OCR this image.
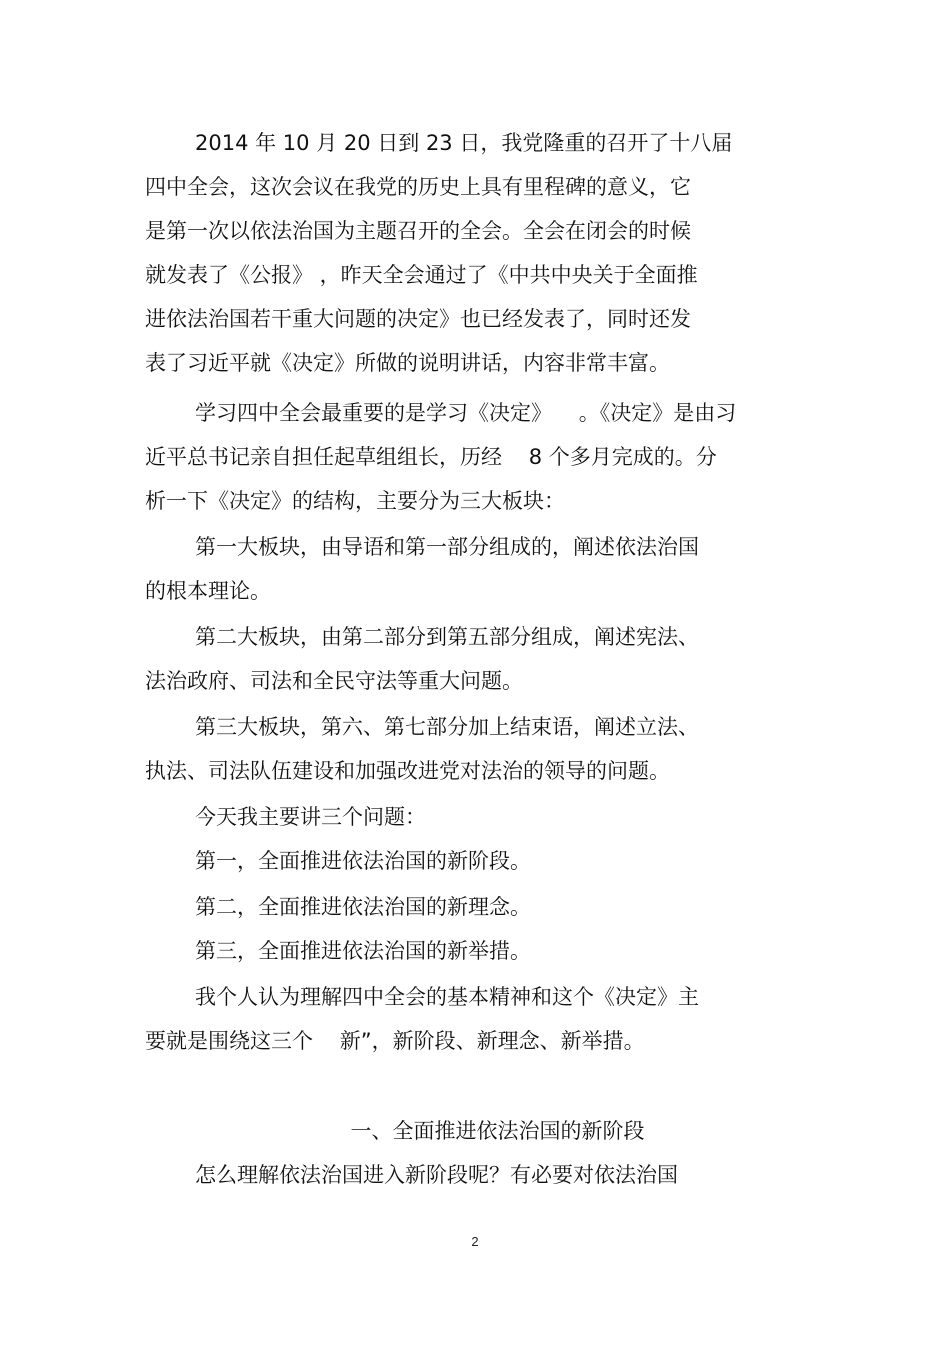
2014 年 10 月 20 日到 23 日，我党隆重的召开了十八届
四中全会，这次会议在我党的历史上具有里程碑的意义，它
是第一次以依法治国为主题召开的全会。全会在闭会的时候
就发表了《公报》 ，昨天全会通过了《中共中央关于全面推
进依法治国若干重大问题的决定》也已经发表了，同时还发
表了习近平就《决定》所做的说明讲话，内容非常丰富。
学习四中全会最重要的是学习《决定》    。《决定》是由习
近平总书记亲自担任起草组组长，历经    8 个多月完成的。分
析一下《决定》的结构，主要分为三大板块：
第一大板块，由导语和第一部分组成的，阐述依法治国
的根本理论。
第二大板块，由第二部分到第五部分组成，阐述宪法、
法治政府、司法和全民守法等重大问题。
第三大板块，第六、第七部分加上结束语，阐述立法、
执法、司法队伍建设和加强改进党对法治的领导的问题。
今天我主要讲三个问题：
第一，全面推进依法治国的新阶段。
第二，全面推进依法治国的新理念。
第三，全面推进依法治国的新举措。
我个人认为理解四中全会的基本精神和这个《决定》主
要就是围绕这三个    新”，新阶段、新理念、新举措。
一、全面推进依法治国的新阶段
怎么理解依法治国进入新阶段呢？有必要对依法治国
2
